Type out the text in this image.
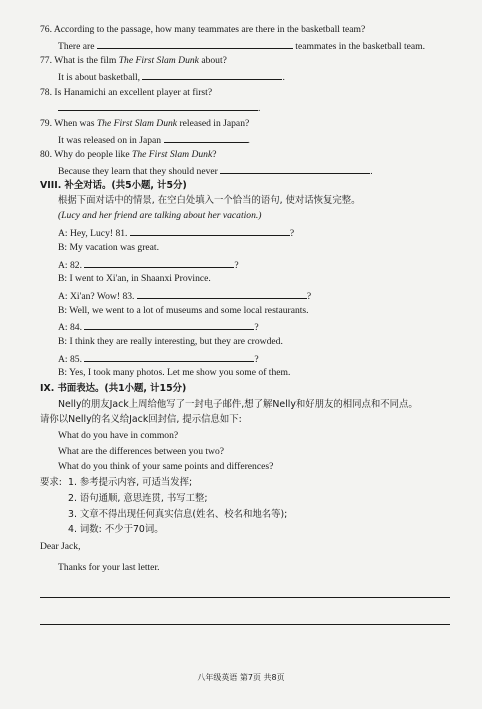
76. According to the passage, how many teammates are there in the basketball team?
There are	teammates in the basketball team.
77. What is the film The First Slam Dunk about?
It is about basketball,	.
78. Is Hanamichi an excellent player at first?
.
79. When was The First Slam Dunk released in Japan?
It was released on in Japan	.
80. Why do people like The First Slam Dunk?
Because they learn that they should never	.
VIII. 补全对话。(共5小题, 计5分)
根据下面对话中的情景, 在空白处填入一个恰当的语句, 使对话恢复完整。
(Lucy and her friend are talking about her vacation.)
A: Hey, Lucy! 81.	?
B: My vacation was great.
A: 82.	?
B: I went to Xi'an, in Shaanxi Province.
A: Xi'an? Wow! 83.	?
B: Well, we went to a lot of museums and some local restaurants.
A: 84.	?
B: I think they are really interesting, but they are crowded.
A: 85.	?
B: Yes, I took many photos. Let me show you some of them.
IX. 书面表达。(共1小题, 计15分)
Nelly的朋友Jack上周给他写了一封电子邮件,想了解Nelly和好朋友的相同点和不同点。
请你以Nelly的名义给Jack回封信, 提示信息如下:
What do you have in common?
What are the differences between you two?
What do you think of your same points and differences?
要求: 1. 参考提示内容, 可适当发挥;
2. 语句通顺, 意思连贯, 书写工整;
3. 文章不得出现任何真实信息(姓名、校名和地名等);
4. 词数: 不少于70词。
Dear Jack,
Thanks for your last letter.
八年级英语 第7页 共8页
